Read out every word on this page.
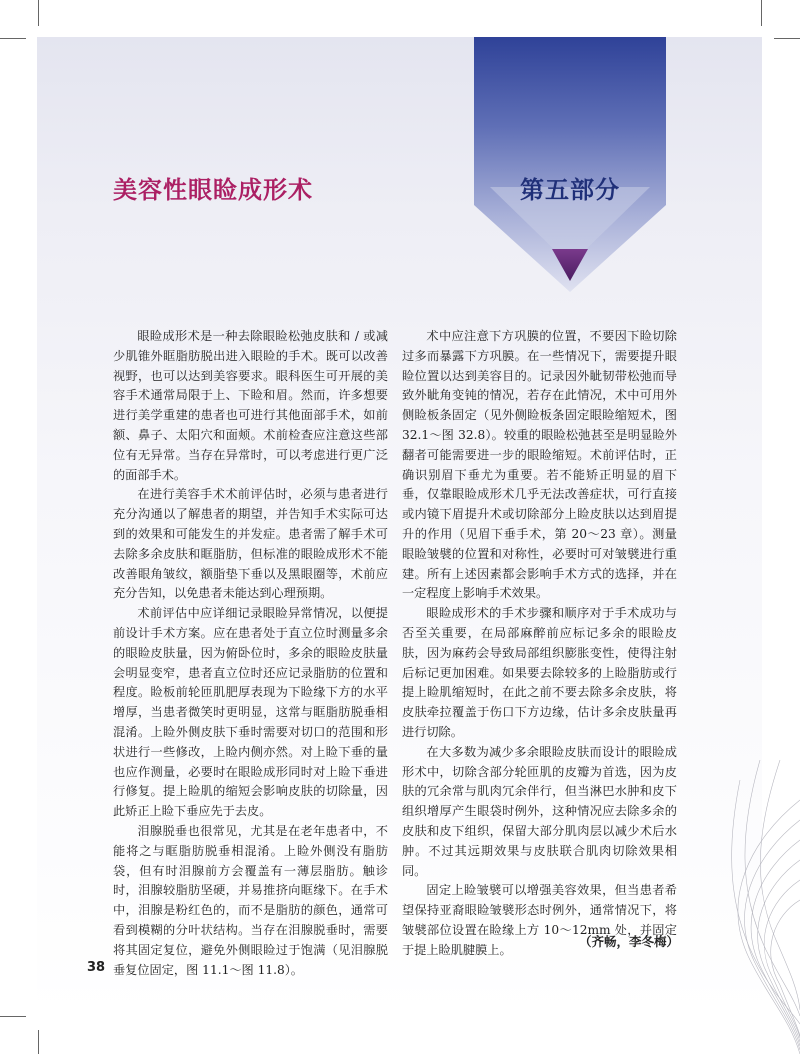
美容性眼睑成形术	第五部分

眼睑成形术是一种去除眼睑松弛皮肤和 / 或减少肌锥外眶脂肪脱出进入眼睑的手术。既可以改善视野，也可以达到美容要求。眼科医生可开展的美容手术通常局限于上、下睑和眉。然而，许多想要进行美学重建的患者也可进行其他面部手术，如前额、鼻子、太阳穴和面颊。术前检查应注意这些部位有无异常。当存在异常时，可以考虑进行更广泛的面部手术。

在进行美容手术术前评估时，必须与患者进行充分沟通以了解患者的期望，并告知手术实际可达到的效果和可能发生的并发症。患者需了解手术可去除多余皮肤和眶脂肪，但标准的眼睑成形术不能改善眼角皱纹，额脂垫下垂以及黑眼圈等，术前应充分告知，以免患者未能达到心理预期。

术前评估中应详细记录眼睑异常情况，以便提前设计手术方案。应在患者处于直立位时测量多余的眼睑皮肤量，因为俯卧位时，多余的眼睑皮肤量会明显变窄，患者直立位时还应记录脂肪的位置和程度。睑板前轮匝肌肥厚表现为下睑缘下方的水平增厚，当患者微笑时更明显，这常与眶脂肪脱垂相混淆。上睑外侧皮肤下垂时需要对切口的范围和形状进行一些修改，上睑内侧亦然。对上睑下垂的量也应作测量，必要时在眼睑成形同时对上睑下垂进行修复。提上睑肌的缩短会影响皮肤的切除量，因此矫正上睑下垂应先于去皮。

泪腺脱垂也很常见，尤其是在老年患者中，不能将之与眶脂肪脱垂相混淆。上睑外侧没有脂肪袋，但有时泪腺前方会覆盖有一薄层脂肪。触诊时，泪腺较脂肪坚硬，并易推挤向眶缘下。在手术中，泪腺是粉红色的，而不是脂肪的颜色，通常可看到模糊的分叶状结构。当存在泪腺脱垂时，需要将其固定复位，避免外侧眼睑过于饱满（见泪腺脱垂复位固定，图 11.1～图 11.8）。

术中应注意下方巩膜的位置，不要因下睑切除过多而暴露下方巩膜。在一些情况下，需要提升眼睑位置以达到美容目的。记录因外眦韧带松弛而导致外眦角变钝的情况，若存在此情况，术中可用外侧睑板条固定（见外侧睑板条固定眼睑缩短术，图 32.1～图 32.8）。较重的眼睑松弛甚至是明显睑外翻者可能需要进一步的眼睑缩短。术前评估时，正确识别眉下垂尤为重要。若不能矫正明显的眉下垂，仅靠眼睑成形术几乎无法改善症状，可行直接或内镜下眉提升术或切除部分上睑皮肤以达到眉提升的作用（见眉下垂手术，第 20～23 章）。测量眼睑皱襞的位置和对称性，必要时可对皱襞进行重建。所有上述因素都会影响手术方式的选择，并在一定程度上影响手术效果。

眼睑成形术的手术步骤和顺序对于手术成功与否至关重要，在局部麻醉前应标记多余的眼睑皮肤，因为麻药会导致局部组织膨胀变性，使得注射后标记更加困难。如果要去除较多的上睑脂肪或行提上睑肌缩短时，在此之前不要去除多余皮肤，将皮肤牵拉覆盖于伤口下方边缘，估计多余皮肤量再进行切除。

在大多数为减少多余眼睑皮肤而设计的眼睑成形术中，切除含部分轮匝肌的皮瓣为首选，因为皮肤的冗余常与肌肉冗余伴行，但当淋巴水肿和皮下组织增厚产生眼袋时例外，这种情况应去除多余的皮肤和皮下组织，保留大部分肌肉层以减少术后水肿。不过其远期效果与皮肤联合肌肉切除效果相同。

固定上睑皱襞可以增强美容效果，但当患者希望保持亚裔眼睑皱襞形态时例外，通常情况下，将皱襞部位设置在睑缘上方 10～12mm 处，并固定于提上睑肌腱膜上。

（齐畅，李冬梅）
38
